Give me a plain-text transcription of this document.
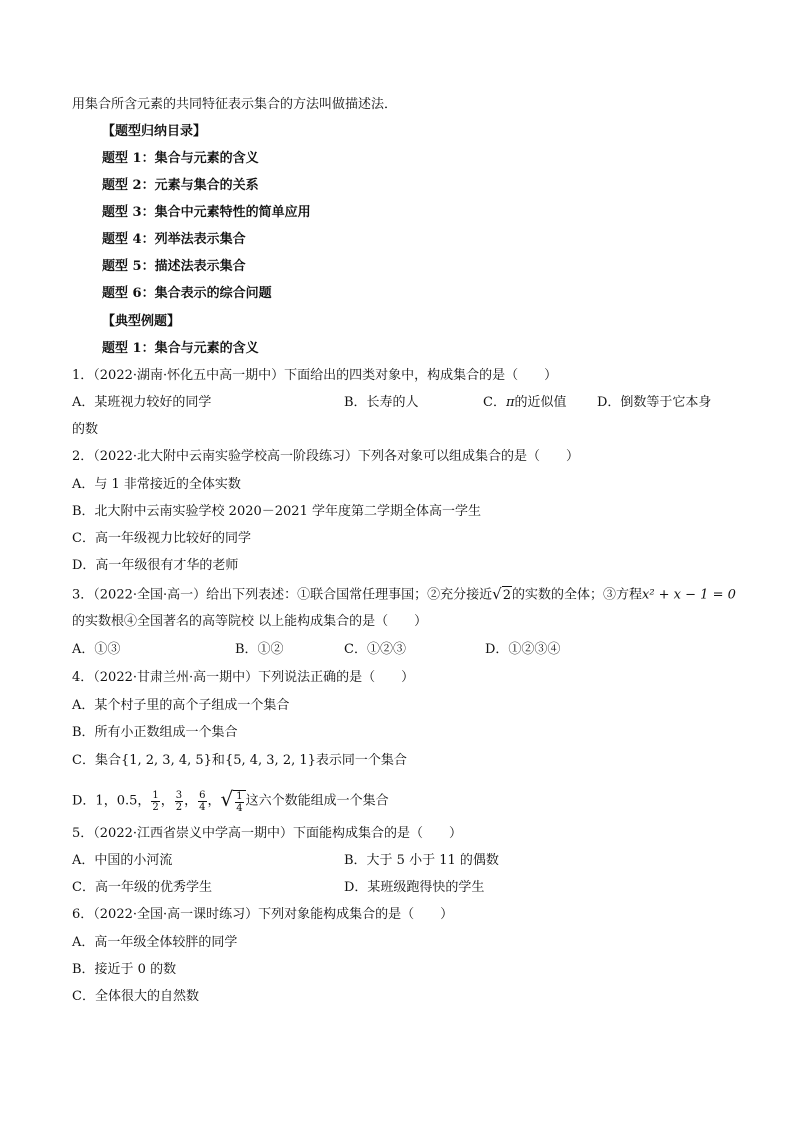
用集合所含元素的共同特征表示集合的方法叫做描述法．
【题型归纳目录】
题型 1：集合与元素的含义
题型 2：元素与集合的关系
题型 3：集合中元素特性的简单应用
题型 4：列举法表示集合
题型 5：描述法表示集合
题型 6：集合表示的综合问题
【典型例题】
题型 1：集合与元素的含义
1．（2022·湖南·怀化五中高一期中）下面给出的四类对象中，构成集合的是（　　）
A．某班视力较好的同学	B．长寿的人	C．π的近似值 D．倒数等于它本身
的数
2．（2022·北大附中云南实验学校高一阶段练习）下列各对象可以组成集合的是（　　）
A．与 1 非常接近的全体实数
B．北大附中云南实验学校 2020－2021 学年度第二学期全体高一学生
C．高一年级视力比较好的同学
D．高一年级很有才华的老师
3．（2022·全国·高一）给出下列表述：①联合国常任理事国；②充分接近√2的实数的全体；③方程x² + x − 1 = 0
的实数根④全国著名的高等院校 以上能构成集合的是（　　）
A．①③	B．①②	C．①②③	D．①②③④
4．（2022·甘肃兰州·高一期中）下列说法正确的是（　　）
A．某个村子里的高个子组成一个集合
B．所有小正数组成一个集合
C．集合{1, 2, 3, 4, 5}和{5, 4, 3, 2, 1}表示同一个集合
D．1，0.5， $\frac{1}{2}$ ， $\frac{3}{2}$ ， $\frac{6}{4}$ ，√ $\frac{1}{4}$ 这六个数能组成一个集合
5．（2022·江西省崇义中学高一期中）下面能构成集合的是（　　）
A．中国的小河流	B．大于 5 小于 11 的偶数
C．高一年级的优秀学生	D．某班级跑得快的学生
6．（2022·全国·高一课时练习）下列对象能构成集合的是（　　）
A．高一年级全体较胖的同学
B．接近于 0 的数
C．全体很大的自然数
